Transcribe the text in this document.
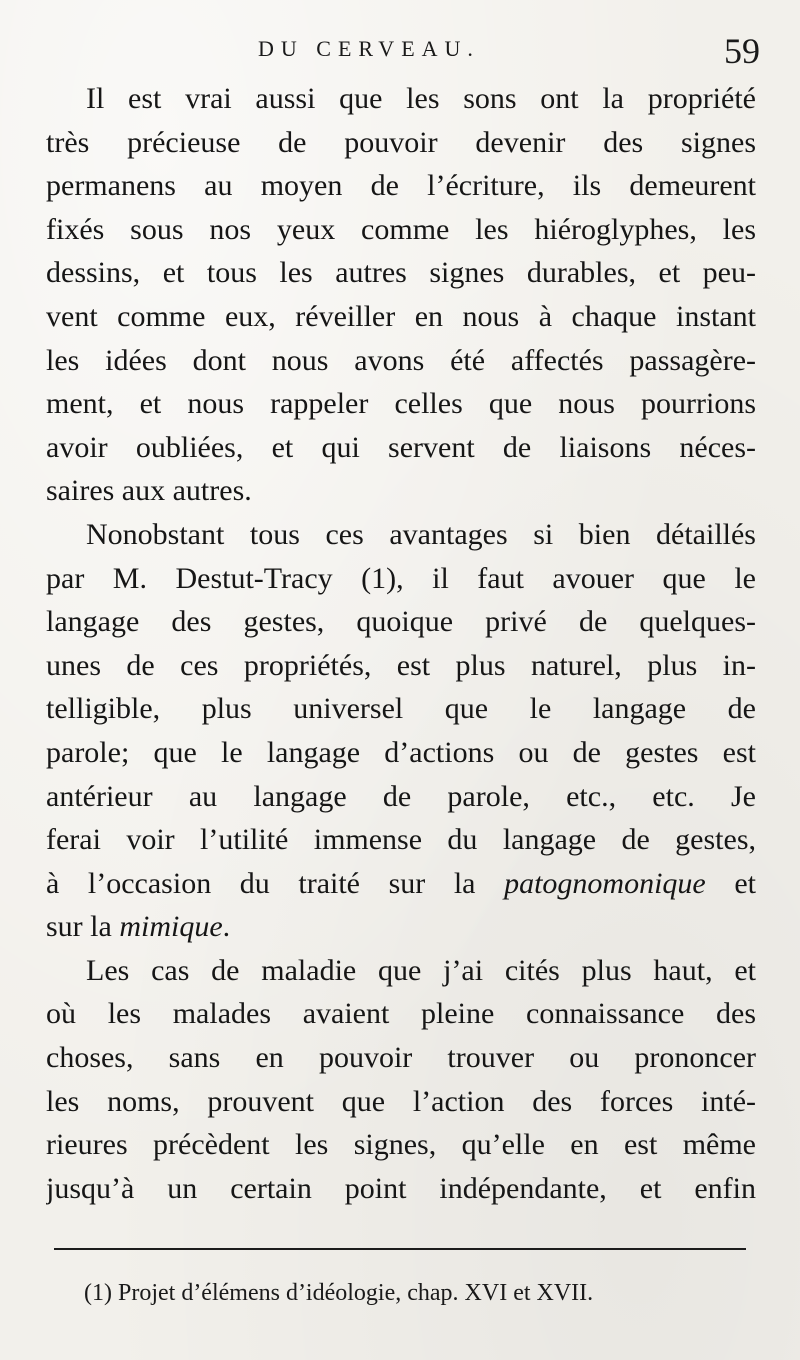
DU CERVEAU.	59
Il est vrai aussi que les sons ont la propriété
très précieuse de pouvoir devenir des signes
permanens au moyen de l’écriture, ils demeurent
fixés sous nos yeux comme les hiéroglyphes, les
dessins, et tous les autres signes durables, et peu-
vent comme eux, réveiller en nous à chaque instant
les idées dont nous avons été affectés passagère-
ment, et nous rappeler celles que nous pourrions
avoir oubliées, et qui servent de liaisons néces-
saires aux autres.
Nonobstant tous ces avantages si bien détaillés
par M. Destut-Tracy (1), il faut avouer que le
langage des gestes, quoique privé de quelques-
unes de ces propriétés, est plus naturel, plus in-
telligible, plus universel que le langage de
parole; que le langage d’actions ou de gestes est
antérieur au langage de parole, etc., etc. Je
ferai voir l’utilité immense du langage de gestes,
à l’occasion du traité sur la patognomonique et
sur la mimique.
Les cas de maladie que j’ai cités plus haut, et
où les malades avaient pleine connaissance des
choses, sans en pouvoir trouver ou prononcer
les noms, prouvent que l’action des forces inté-
rieures précèdent les signes, qu’elle en est même
jusqu’à un certain point indépendante, et enfin
(1) Projet d’élémens d’idéologie, chap. XVI et XVII.
